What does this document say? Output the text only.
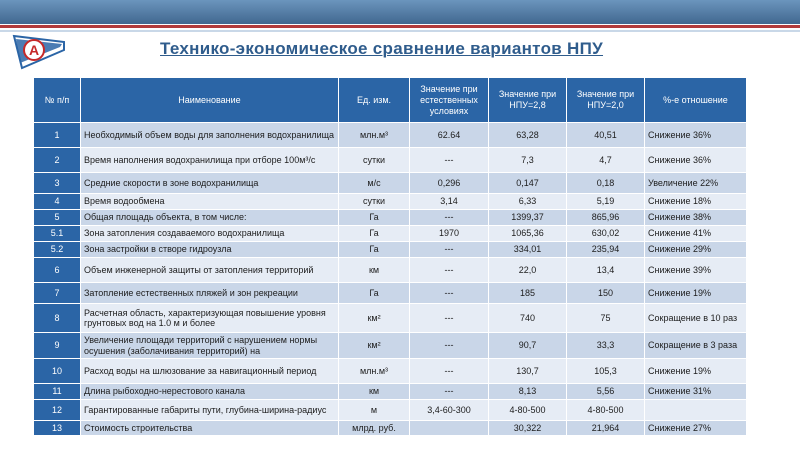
А	Технико-экономическое сравнение вариантов НПУ
№ п/п	Наименование	Ед. изм.	Значение при естественных условиях	Значение при НПУ=2,8	Значение при НПУ=2,0	%-е отношение
1	Необходимый объем воды для заполнения водохранилища	млн.м³	62.64	63,28	40,51	Снижение 36%
2	Время наполнения водохранилища при отборе 100м³/с	сутки	---	7,3	4,7	Снижение 36%
3	Средние скорости в зоне водохранилища	м/с	0,296	0,147	0,18	Увеличение 22%
4	Время водообмена	сутки	3,14	6,33	5,19	Снижение 18%
5	Общая площадь объекта, в том числе:	Га	---	1399,37	865,96	Снижение 38%
5.1	Зона затопления создаваемого водохранилища	Га	1970	1065,36	630,02	Снижение 41%
5.2	Зона застройки в створе гидроузла	Га	---	334,01	235,94	Снижение 29%
6	Объем инженерной защиты от затопления территорий	км	---	22,0	13,4	Снижение 39%
7	Затопление естественных пляжей и зон рекреации	Га	---	185	150	Снижение 19%
8	Расчетная область, характеризующая повышение уровня грунтовых вод на 1.0 м и более	км²	---	740	75	Сокращение в 10 раз
9	Увеличение площади территорий с нарушением нормы осушения (заболачивания территорий) на	км²	---	90,7	33,3	Сокращение в 3 раза
10	Расход воды на шлюзование за навигационный период	млн.м³	---	130,7	105,3	Снижение 19%
11	Длина рыбоходно-нерестового канала	км	---	8,13	5,56	Снижение 31%
12	Гарантированные габариты пути, глубина-ширина-радиус	м	3,4-60-300	4-80-500	4-80-500	
13	Стоимость строительства	млрд. руб.		30,322	21,964	Снижение 27%
